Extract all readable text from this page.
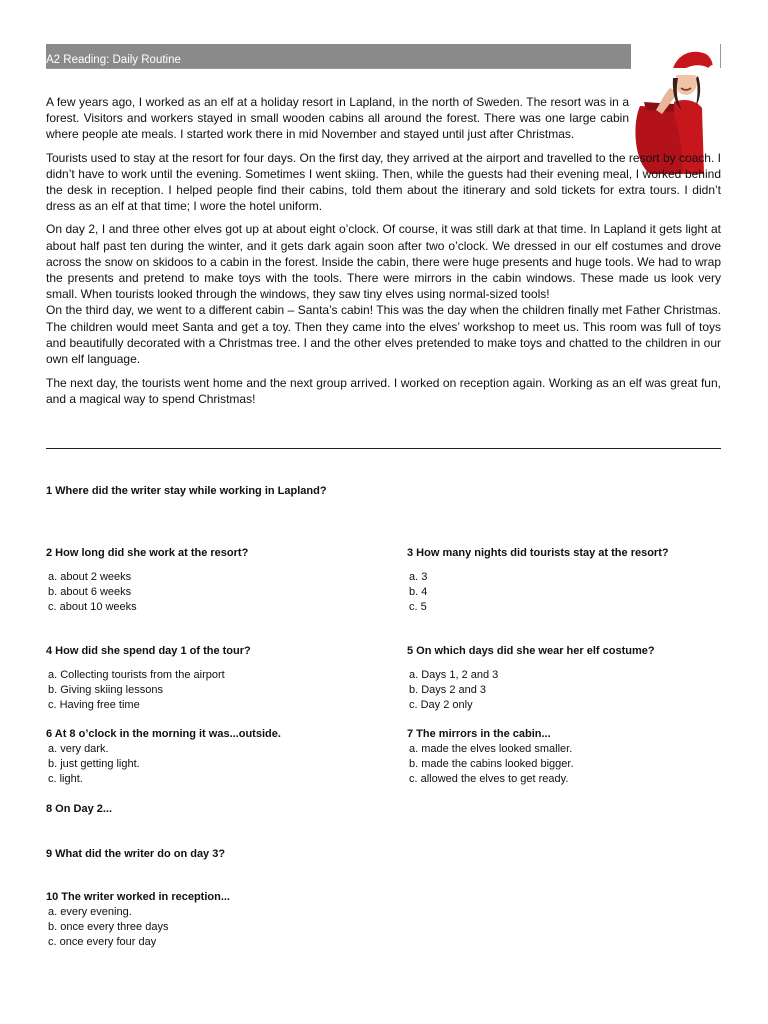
A2 Reading: Daily Routine

A few years ago, I worked as an elf at a holiday resort in Lapland, in the north of Sweden. The resort was in a forest. Visitors and workers stayed in small wooden cabins all around the forest. There was one large cabin where people ate meals. I started work there in mid November and stayed until just after Christmas.

Tourists used to stay at the resort for four days. On the first day, they arrived at the airport and travelled to the resort by coach. I didn’t have to work until the evening. Sometimes I went skiing. Then, while the guests had their evening meal, I worked behind the desk in reception. I helped people find their cabins, told them about the itinerary and sold tickets for extra tours. I didn’t dress as an elf at that time; I wore the hotel uniform.

On day 2, I and three other elves got up at about eight o’clock. Of course, it was still dark at that time. In Lapland it gets light at about half past ten during the winter, and it gets dark again soon after two o’clock. We dressed in our elf costumes and drove across the snow on skidoos to a cabin in the forest. Inside the cabin, there were huge presents and huge tools. We had to wrap the presents and pretend to make toys with the tools. There were mirrors in the cabin windows. These made us look very small. When tourists looked through the windows, they saw tiny elves using normal-sized tools!

On the third day, we went to a different cabin – Santa’s cabin! This was the day when the children finally met Father Christmas. The children would meet Santa and get a toy. Then they came into the elves’ workshop to meet us. This room was full of toys and beautifully decorated with a Christmas tree. I and the other elves pretended to make toys and chatted to the children in our own elf language.

The next day, the tourists went home and the next group arrived. I worked on reception again. Working as an elf was great fun, and a magical way to spend Christmas!

1 Where did the writer stay while working in Lapland?
2 How long did she work at the resort?
a. about 2 weeks
b. about 6 weeks
c. about 10 weeks
3 How many nights did tourists stay at the resort?
a. 3
b. 4
c. 5
4 How did she spend day 1 of the tour?
a. Collecting tourists from the airport
b. Giving skiing lessons
c. Having free time
5 On which days did she wear her elf costume?
a. Days 1, 2 and 3
b. Days 2 and 3
c. Day 2 only
6 At 8 o’clock in the morning it was...outside.
a. very dark.
b. just getting light.
c. light.
7 The mirrors in the cabin...
a. made the elves looked smaller.
b. made the cabins looked bigger.
c. allowed the elves to get ready.
8 On Day 2...
9 What did the writer do on day 3?
10 The writer worked in reception...
a. every evening.
b. once every three days
c. once every four day
